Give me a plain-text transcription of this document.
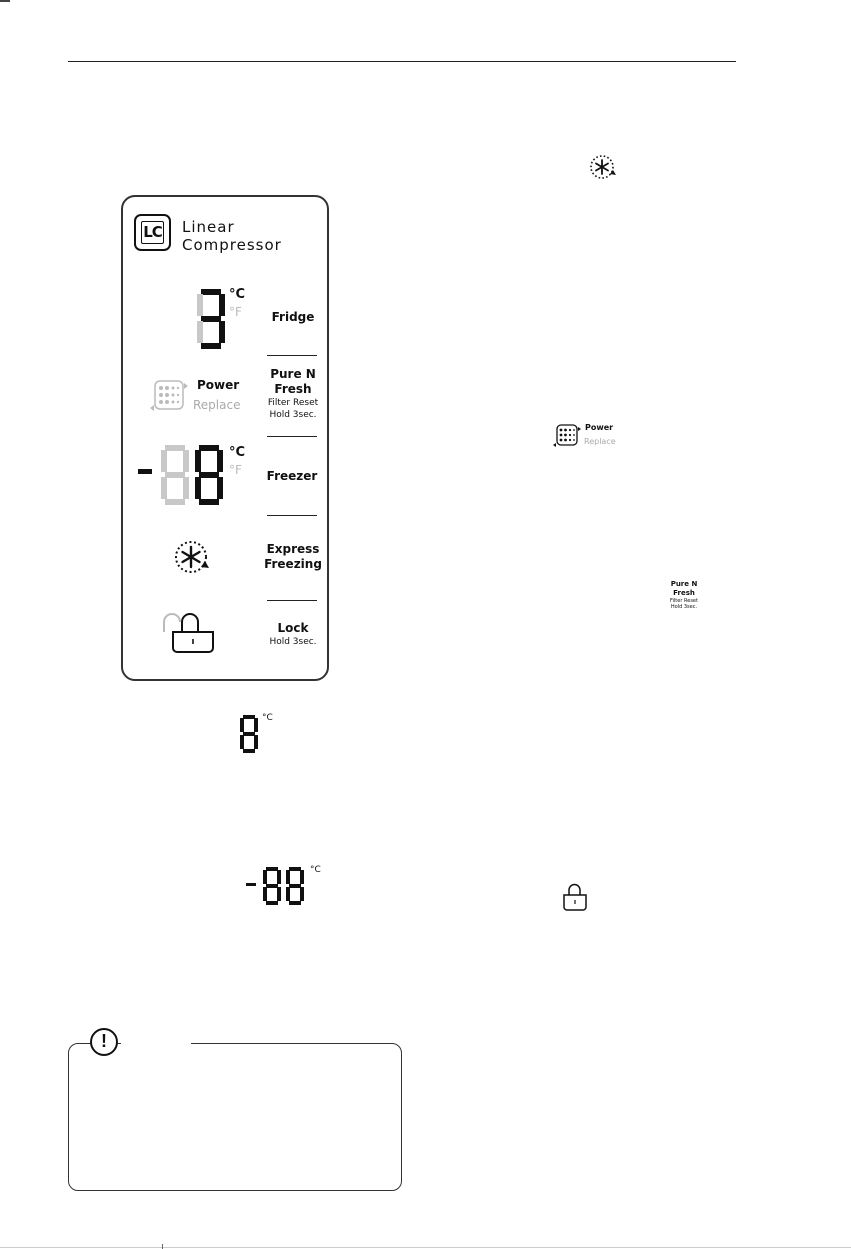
LC Linear
Compressor
°C
°F	Fridge
Power
Replace
Pure N
Fresh
Filter Reset
Hold 3sec.
°C
°F	Freezer
Express
Freezing
Lock
Hold 3sec.
°C
°C
Power
Replace
Pure N
Fresh
Filter Reset
Hold 3sec.
!
